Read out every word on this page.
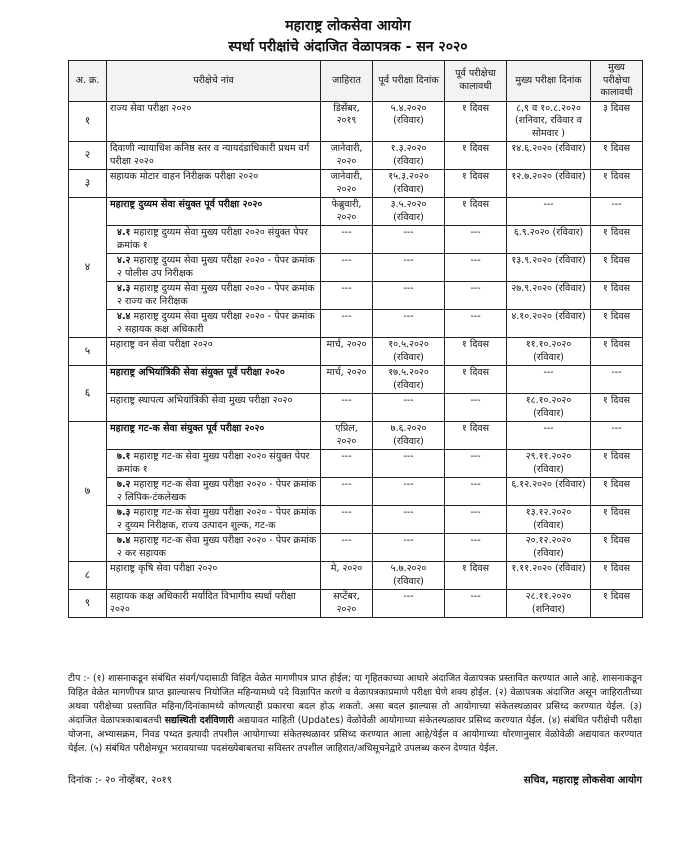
महाराष्ट्र लोकसेवा आयोग
स्पर्धा परीक्षांचे अंदाजित वेळापत्रक - सन २०२०
अ. क्र.	परीक्षेचे नांव	जाहिरात	पूर्व परीक्षा दिनांक	पूर्व परीक्षेचा कालावधी	मुख्य परीक्षा दिनांक	मुख्य परीक्षेचा कालावधी
१	राज्य सेवा परीक्षा २०२०	डिसेंबर, २०१९	५.४.२०२० (रविवार)	१ दिवस	८,९ व १०.८.२०२० (शनिवार, रविवार व सोमवार )	३ दिवस
२	दिवाणी न्यायाधिश कनिष्ठ स्तर व न्यायदंडाधिकारी प्रथम वर्ग परीक्षा २०२०	जानेवारी, २०२०	१.३.२०२० (रविवार)	१ दिवस	१४.६.२०२० (रविवार)	१ दिवस
३	सहायक मोटार वाहन निरीक्षक परीक्षा २०२०	जानेवारी, २०२०	१५.३.२०२० (रविवार)	१ दिवस	१२.७.२०२० (रविवार)	१ दिवस
४	महाराष्ट्र दुय्यम सेवा संयुक्त पूर्व परीक्षा २०२०	फेब्रुवारी, २०२०	३.५.२०२० (रविवार)	१ दिवस	---	---
	४.१ महाराष्ट्र दुय्यम सेवा मुख्य परीक्षा २०२० संयुक्त पेपर क्रमांक १	---	---	---	६.९.२०२० (रविवार)	१ दिवस
	४.२ महाराष्ट्र दुय्यम सेवा मुख्य परीक्षा २०२० - पेपर क्रमांक २ पोलीस उप निरीक्षक	---	---	---	१३.९.२०२० (रविवार)	१ दिवस
	४.३ महाराष्ट्र दुय्यम सेवा मुख्य परीक्षा २०२० - पेपर क्रमांक २ राज्य कर निरीक्षक	---	---	---	२७.९.२०२० (रविवार)	१ दिवस
	४.४ महाराष्ट्र दुय्यम सेवा मुख्य परीक्षा २०२० - पेपर क्रमांक २ सहायक कक्ष अधिकारी	---	---	---	४.१०.२०२० (रविवार)	१ दिवस
५	महाराष्ट्र वन सेवा परीक्षा २०२०	मार्च, २०२०	१०.५.२०२० (रविवार)	१ दिवस	११.१०.२०२० (रविवार)	१ दिवस
६	महाराष्ट्र अभियांत्रिकी सेवा संयुक्त पूर्व परीक्षा २०२०	मार्च, २०२०	१७.५.२०२० (रविवार)	१ दिवस	---	---
	महाराष्ट्र स्थापत्य अभियांत्रिकी सेवा मुख्य परीक्षा २०२०	---	---	---	१८.१०.२०२० (रविवार)	१ दिवस
७	महाराष्ट्र गट-क सेवा संयुक्त पूर्व परीक्षा २०२०	एप्रिल, २०२०	७.६.२०२० (रविवार)	१ दिवस	---	---
	७.१ महाराष्ट्र गट-क सेवा मुख्य परीक्षा २०२० संयुक्त पेपर क्रमांक १	---	---	---	२९.११.२०२० (रविवार)	१ दिवस
	७.२ महाराष्ट्र गट-क सेवा मुख्य परीक्षा २०२० - पेपर क्रमांक २ लिपिक-टंकलेखक	---	---	---	६.१२.२०२० (रविवार)	१ दिवस
	७.३ महाराष्ट्र गट-क सेवा मुख्य परीक्षा २०२० - पेपर क्रमांक २ दुय्यम निरीक्षक, राज्य उत्पादन शुल्क, गट-क	---	---	---	१३.१२.२०२० (रविवार)	१ दिवस
	७.४ महाराष्ट्र गट-क सेवा मुख्य परीक्षा २०२० - पेपर क्रमांक २ कर सहायक	---	---	---	२०.१२.२०२० (रविवार)	१ दिवस
८	महाराष्ट्र कृषि सेवा परीक्षा २०२०	मे, २०२०	५.७.२०२० (रविवार)	१ दिवस	१.११.२०२० (रविवार)	१ दिवस
९	सहायक कक्ष अधिकारी मर्यादित विभागीय स्पर्धा परीक्षा २०२०	सप्टेंबर, २०२०	---	---	२८.११.२०२० (शनिवार)	१ दिवस
टीप :- (१) शासनाकडून संबंधित संवर्ग/पदासाठी विहित वेळेत मागणीपत्र प्राप्त होईल; या गृहितकाच्या आधारे अंदाजित वेळापत्रक प्रस्तावित करण्यात आले आहे. शासनाकडून विहित वेळेत मागणीपत्र प्राप्त झाल्यासच नियोजित महिन्यामध्ये पदे विज्ञापित करणे व वेळापत्रकाप्रमाणे परीक्षा घेणे शक्य होईल. (२) वेळापत्रक अंदाजित असून जाहिरातीच्या अथवा परीक्षेच्या प्रस्तावित महिना/दिनांकामध्ये कोणत्याही प्रकारचा बदल होऊ शकतो. असा बदल झाल्यास तो आयोगाच्या संकेतस्थळावर प्रसिध्द करण्यात येईल. (३) अंदाजित वेळापत्रकाबाबतची सद्यस्थिती दर्शविणारी अद्ययावत माहिती (Updates) वेळोवेळी आयोगाच्या संकेतस्थळावर प्रसिध्द करण्यात येईल. (४) संबंधित परीक्षेची परीक्षा योजना, अभ्यासक्रम, निवड पध्दत इत्यादी तपशील आयोगाच्या संकेतस्थळावर प्रसिध्द करण्यात आला आहे/येईल व आयोगाच्या धोरणानुसार वेळोवेळी अद्ययावत करण्यात येईल. (५) संबंधित परीक्षेमधून भरावयाच्या पदसंख्येबाबतचा सविस्तर तपशील जाहिरात/अधिसूचनेद्वारे उपलब्ध करुन देण्यात येईल.
दिनांक :- २० नोव्हेंबर, २०१९	सचिव, महाराष्ट्र लोकसेवा आयोग
